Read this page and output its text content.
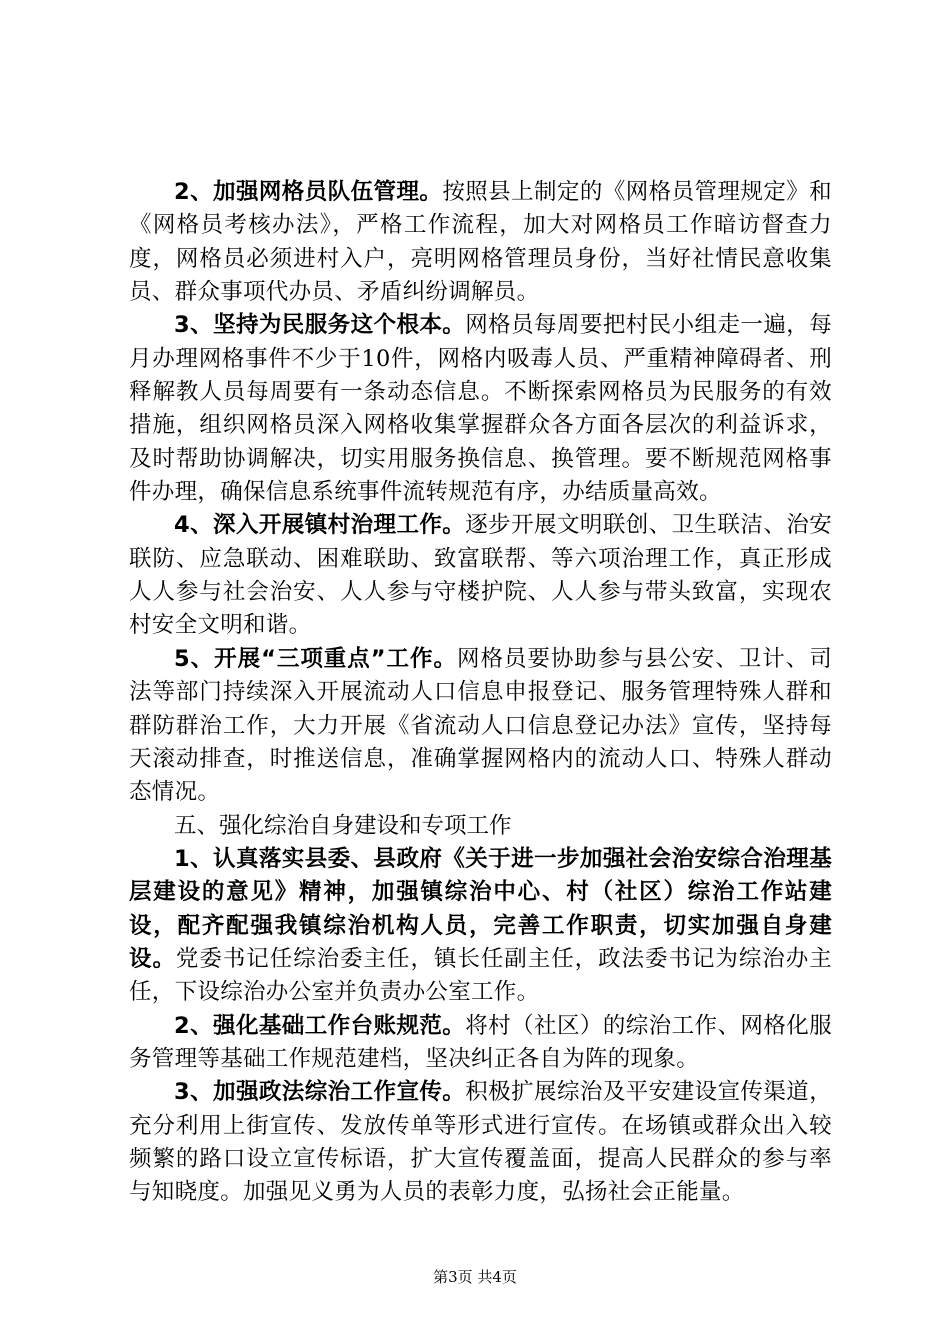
2、加强网格员队伍管理。按照县上制定的《网格员管理规定》和《网格员考核办法》，严格工作流程，加大对网格员工作暗访督查力度，网格员必须进村入户，亮明网格管理员身份，当好社情民意收集员、群众事项代办员、矛盾纠纷调解员。

3、坚持为民服务这个根本。网格员每周要把村民小组走一遍，每月办理网格事件不少于10件，网格内吸毒人员、严重精神障碍者、刑释解教人员每周要有一条动态信息。不断探索网格员为民服务的有效措施，组织网格员深入网格收集掌握群众各方面各层次的利益诉求，及时帮助协调解决，切实用服务换信息、换管理。要不断规范网格事件办理，确保信息系统事件流转规范有序，办结质量高效。

4、深入开展镇村治理工作。逐步开展文明联创、卫生联洁、治安联防、应急联动、困难联助、致富联帮、等六项治理工作，真正形成人人参与社会治安、人人参与守楼护院、人人参与带头致富，实现农村安全文明和谐。

5、开展“三项重点”工作。网格员要协助参与县公安、卫计、司法等部门持续深入开展流动人口信息申报登记、服务管理特殊人群和群防群治工作，大力开展《省流动人口信息登记办法》宣传，坚持每天滚动排查，时推送信息，准确掌握网格内的流动人口、特殊人群动态情况。

五、强化综治自身建设和专项工作

1、认真落实县委、县政府《关于进一步加强社会治安综合治理基层建设的意见》精神，加强镇综治中心、村（社区）综治工作站建设，配齐配强我镇综治机构人员，完善工作职责，切实加强自身建设。党委书记任综治委主任，镇长任副主任，政法委书记为综治办主任，下设综治办公室并负责办公室工作。

2、强化基础工作台账规范。将村（社区）的综治工作、网格化服务管理等基础工作规范建档，坚决纠正各自为阵的现象。

3、加强政法综治工作宣传。积极扩展综治及平安建设宣传渠道，充分利用上街宣传、发放传单等形式进行宣传。在场镇或群众出入较频繁的路口设立宣传标语，扩大宣传覆盖面，提高人民群众的参与率与知晓度。加强见义勇为人员的表彰力度，弘扬社会正能量。

第3页 共4页
